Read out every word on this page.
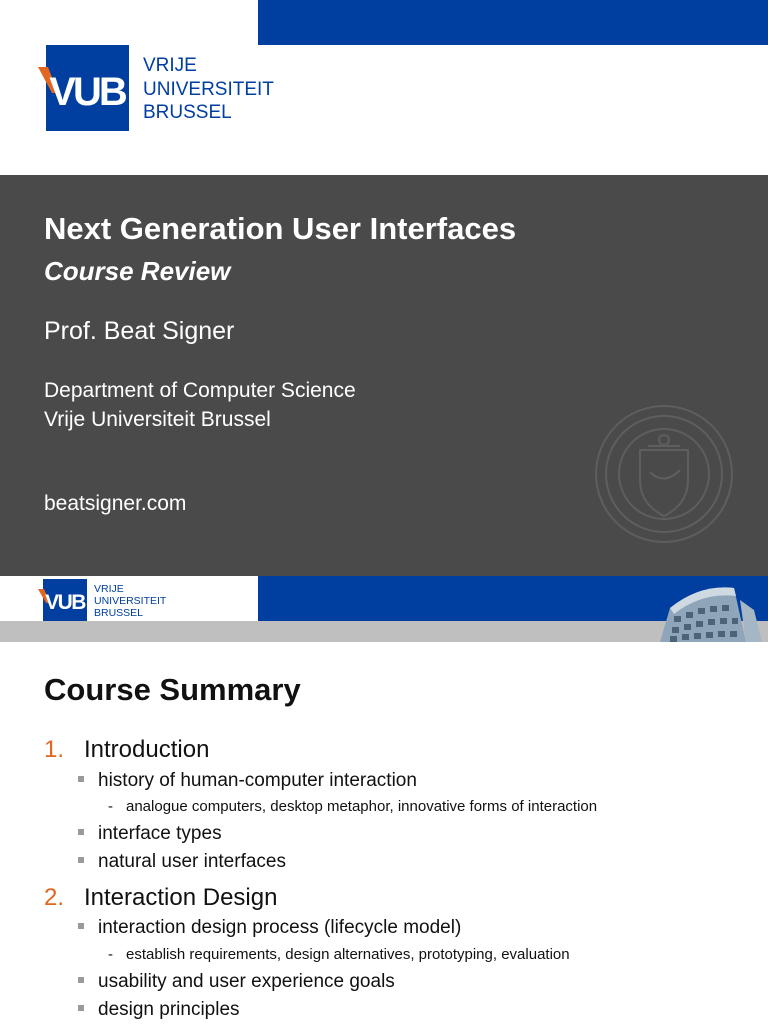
VUB
VRIJE
UNIVERSITEIT
BRUSSEL
Next Generation User Interfaces
Course Review

Prof. Beat Signer

Department of Computer Science

Vrije Universiteit Brussel

beatsigner.com

VUB
VRIJE
UNIVERSITEIT
BRUSSEL
Course Summary

1. Introduction

history of human-computer interaction

- analogue computers, desktop metaphor, innovative forms of interaction

interface types

natural user interfaces

2. Interaction Design

interaction design process (lifecycle model)

- establish requirements, design alternatives, prototyping, evaluation

usability and user experience goals

design principles
